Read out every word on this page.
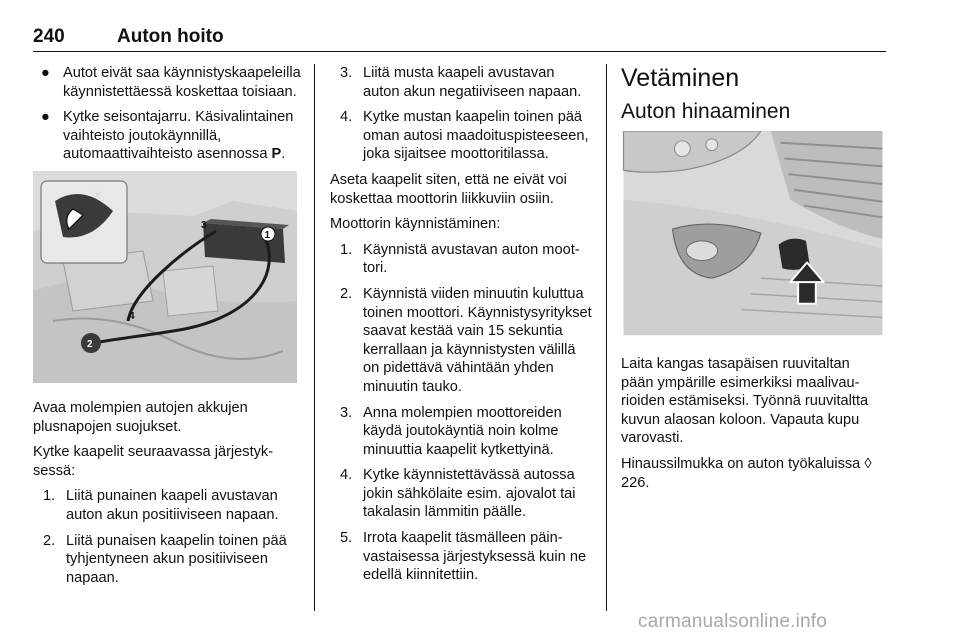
240	Auton hoito
● Autot eivät saa käynnistyskaapeleilla käynnistettäessä koskettaa toisiaan.
● Kytke seisontajarru. Käsivalintainen vaihteisto joutokäynnillä, automaattivaihteisto asennossa P.
✕
3
1
4
2
Avaa molempien autojen akkujen plusnapojen suojukset.
Kytke kaapelit seuraavassa järjestyksessä:
1. Liitä punainen kaapeli avustavan auton akun positiiviseen napaan.
2. Liitä punaisen kaapelin toinen pää tyhjentyneen akun positiiviseen napaan.
3. Liitä musta kaapeli avustavan auton akun negatiiviseen napaan.
4. Kytke mustan kaapelin toinen pää oman autosi maadoituspisteeseen, joka sijaitsee moottoritilassa.
Aseta kaapelit siten, että ne eivät voi koskettaa moottorin liikkuviin osiin.
Moottorin käynnistäminen:
1. Käynnistä avustavan auton moottori.
2. Käynnistä viiden minuutin kuluttua toinen moottori. Käynnistysyritykset saavat kestää vain 15 sekuntia kerrallaan ja käynnistysten välillä on pidettävä vähintään yhden minuutin tauko.
3. Anna molempien moottoreiden käydä joutokäyntiä noin kolme minuuttia kaapelit kytkettyinä.
4. Kytke käynnistettävässä autossa jokin sähkölaite esim. ajovalot tai takalasin lämmitin päälle.
5. Irrota kaapelit täsmälleen päinvastaisessa järjestyksessä kuin ne edellä kiinnitettiin.
Vetäminen
Auton hinaaminen
Laita kangas tasapäisen ruuvitaltan pään ympärille esimerkiksi maalivaurioiden estämiseksi. Työnnä ruuvitaltta kuvun alaosan koloon. Vapauta kupu varovasti.
Hinaussilmukka on auton työkaluissa ◊ 226.
carmanualsonline.info
